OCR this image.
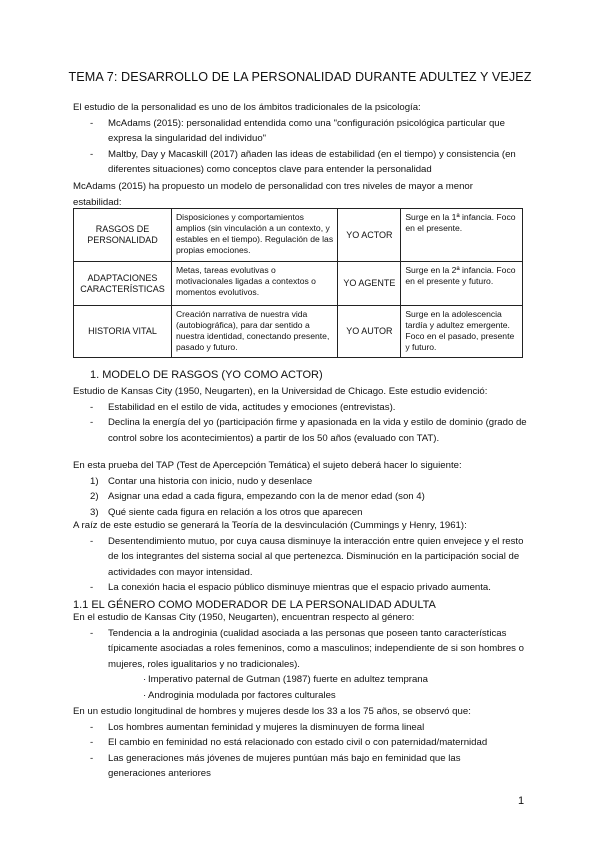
TEMA 7: DESARROLLO DE LA PERSONALIDAD DURANTE ADULTEZ Y VEJEZ
El estudio de la personalidad es uno de los ámbitos tradicionales de la psicología:
- McAdams (2015): personalidad entendida como una "configuración psicológica particular que expresa la singularidad del individuo"
- Maltby, Day y Macaskill (2017) añaden las ideas de estabilidad (en el tiempo) y consistencia (en diferentes situaciones) como conceptos clave para entender la personalidad
McAdams (2015) ha propuesto un modelo de personalidad con tres niveles de mayor a menor estabilidad:
RASGOS DE PERSONALIDAD	Disposiciones y comportamientos amplios (sin vinculación a un contexto, y estables en el tiempo). Regulación de las propias emociones.	YO ACTOR	Surge en la 1ª infancia. Foco en el presente.
ADAPTACIONES CARACTERÍSTICAS	Metas, tareas evolutivas o motivacionales ligadas a contextos o momentos evolutivos.	YO AGENTE	Surge en la 2ª infancia. Foco en el presente y futuro.
HISTORIA VITAL	Creación narrativa de nuestra vida (autobiográfica), para dar sentido a nuestra identidad, conectando presente, pasado y futuro.	YO AUTOR	Surge en la adolescencia tardía y adultez emergente. Foco en el pasado, presente y futuro.
1. MODELO DE RASGOS (YO COMO ACTOR)
Estudio de Kansas City (1950, Neugarten), en la Universidad de Chicago. Este estudio evidenció:
- Estabilidad en el estilo de vida, actitudes y emociones (entrevistas).
- Declina la energía del yo (participación firme y apasionada en la vida y estilo de dominio (grado de control sobre los acontecimientos) a partir de los 50 años (evaluado con TAT).
En esta prueba del TAP (Test de Apercepción Temática) el sujeto deberá hacer lo siguiente:
1) Contar una historia con inicio, nudo y desenlace
2) Asignar una edad a cada figura, empezando con la de menor edad (son 4)
3) Qué siente cada figura en relación a los otros que aparecen
A raíz de este estudio se generará la Teoría de la desvinculación (Cummings y Henry, 1961):
- Desentendimiento mutuo, por cuya causa disminuye la interacción entre quien envejece y el resto de los integrantes del sistema social al que pertenezca. Disminución en la participación social de actividades con mayor intensidad.
- La conexión hacia el espacio público disminuye mientras que el espacio privado aumenta.
1.1 EL GÉNERO COMO MODERADOR DE LA PERSONALIDAD ADULTA
En el estudio de Kansas City (1950, Neugarten), encuentran respecto al género:
- Tendencia a la androginia (cualidad asociada a las personas que poseen tanto características típicamente asociadas a roles femeninos, como a masculinos; independiente de si son hombres o mujeres, roles igualitarios y no tradicionales).
· Imperativo paternal de Gutman (1987) fuerte en adultez temprana
· Androginia modulada por factores culturales
En un estudio longitudinal de hombres y mujeres desde los 33 a los 75 años, se observó que:
- Los hombres aumentan feminidad y mujeres la disminuyen de forma lineal
- El cambio en feminidad no está relacionado con estado civil o con paternidad/maternidad
- Las generaciones más jóvenes de mujeres puntúan más bajo en feminidad que las generaciones anteriores
1
